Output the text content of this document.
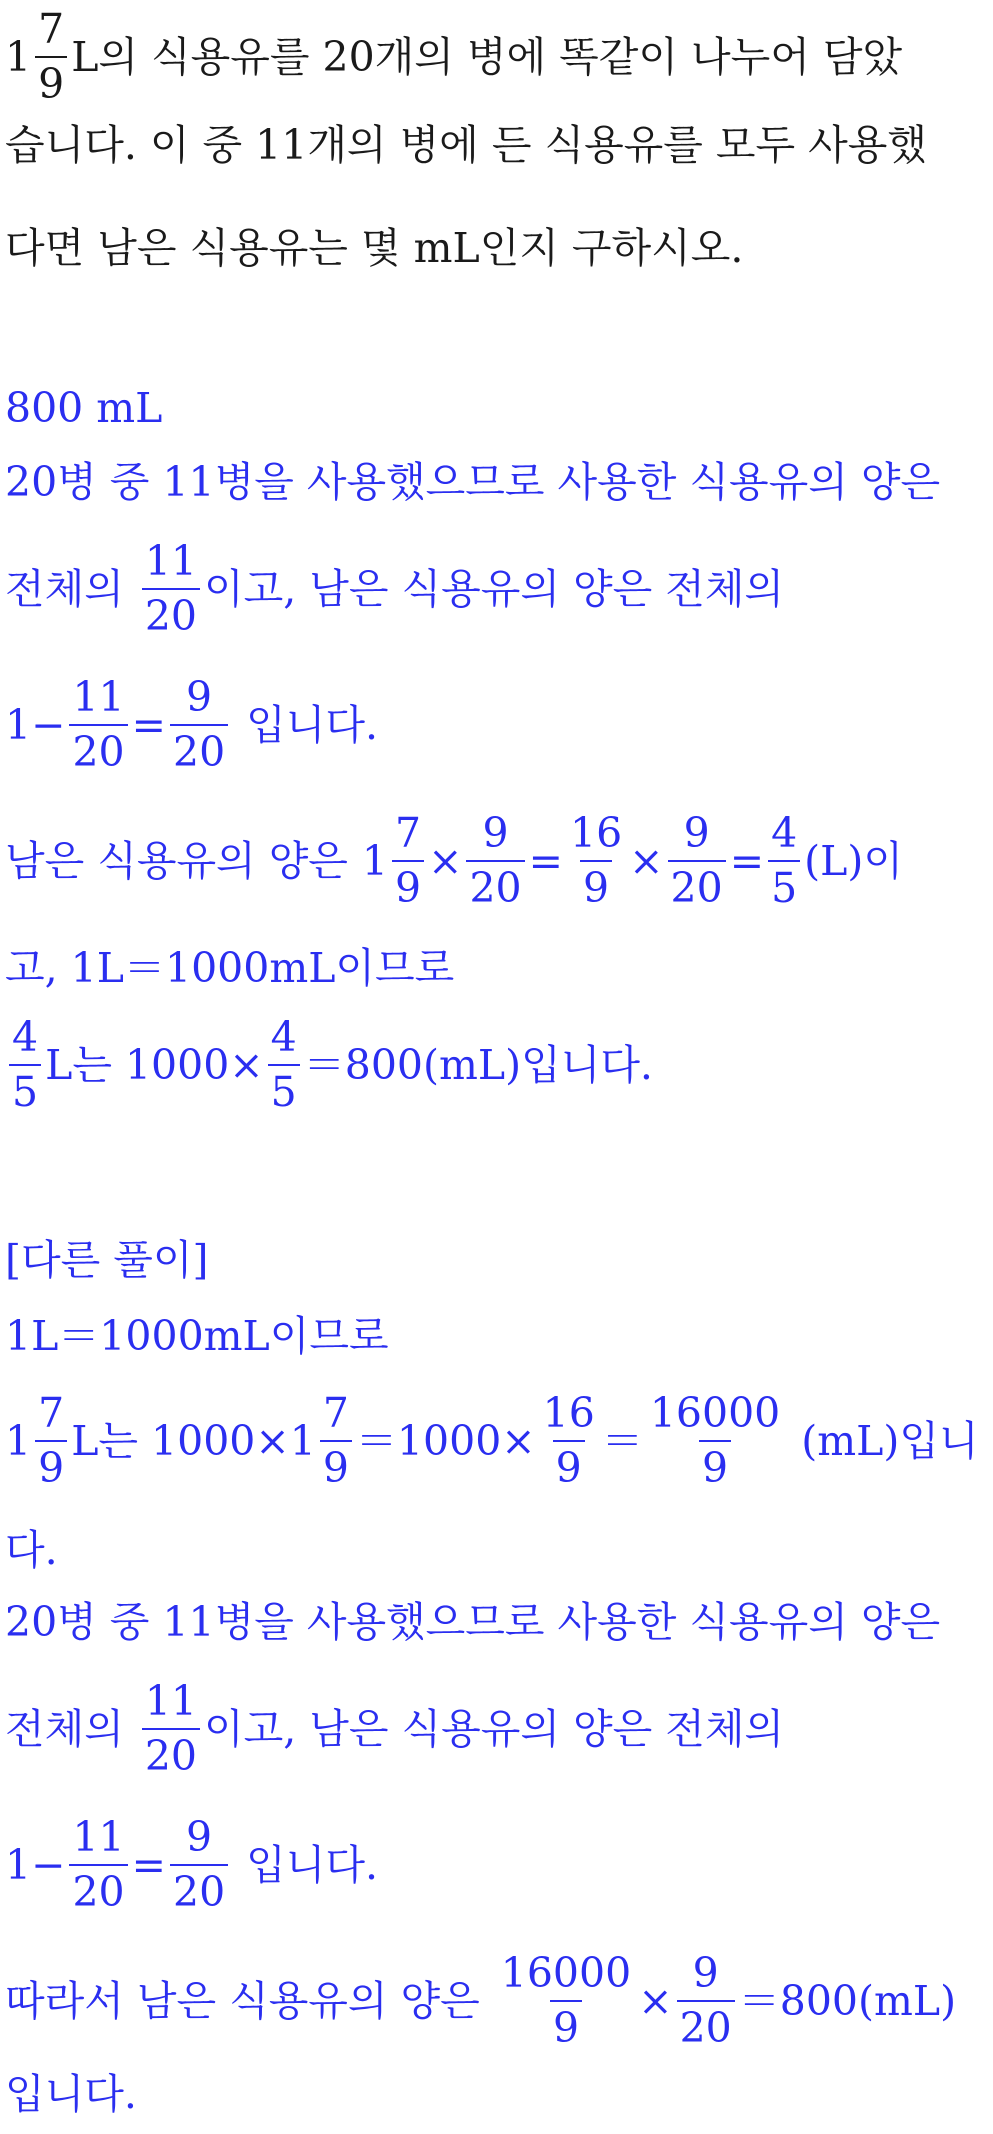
$1 \frac{7}{9}$ L의 식용유를 20개의 병에 똑같이 나누어 담았
습니다. 이 중 11개의 병에 든 식용유를 모두 사용했
다면 남은 식용유는 몇 mL인지 구하시오.
800 mL
20병 중 11병을 사용했으므로 사용한 식용유의 양은
전체의 $\frac{11}{20}$ 이고, 남은 식용유의 양은 전체의
$1- \frac{11}{20} = \frac{9}{20}$ 입니다.
남은 식용유의 양은 $1 \frac{7}{9} \times \frac{9}{20} = \frac{16}{9} \times \frac{9}{20} = \frac{4}{5} (L)$이
고, 1L＝1000mL이므로
$\frac{4}{5}$ L는 $1000\times \frac{4}{5} =800(mL)$입니다.
[다른 풀이]
1L＝1000mL이므로
$1 \frac{7}{9}$ L는 $1000\times 1 \frac{7}{9} =1000\times \frac{16}{9} = \frac{16000}{9} (mL)$입니
다.
20병 중 11병을 사용했으므로 사용한 식용유의 양은
전체의 $\frac{11}{20}$ 이고, 남은 식용유의 양은 전체의
$1- \frac{11}{20} = \frac{9}{20}$ 입니다.
따라서 남은 식용유의 양은 $\frac{16000}{9} \times \frac{9}{20} =800(mL)$
입니다.
